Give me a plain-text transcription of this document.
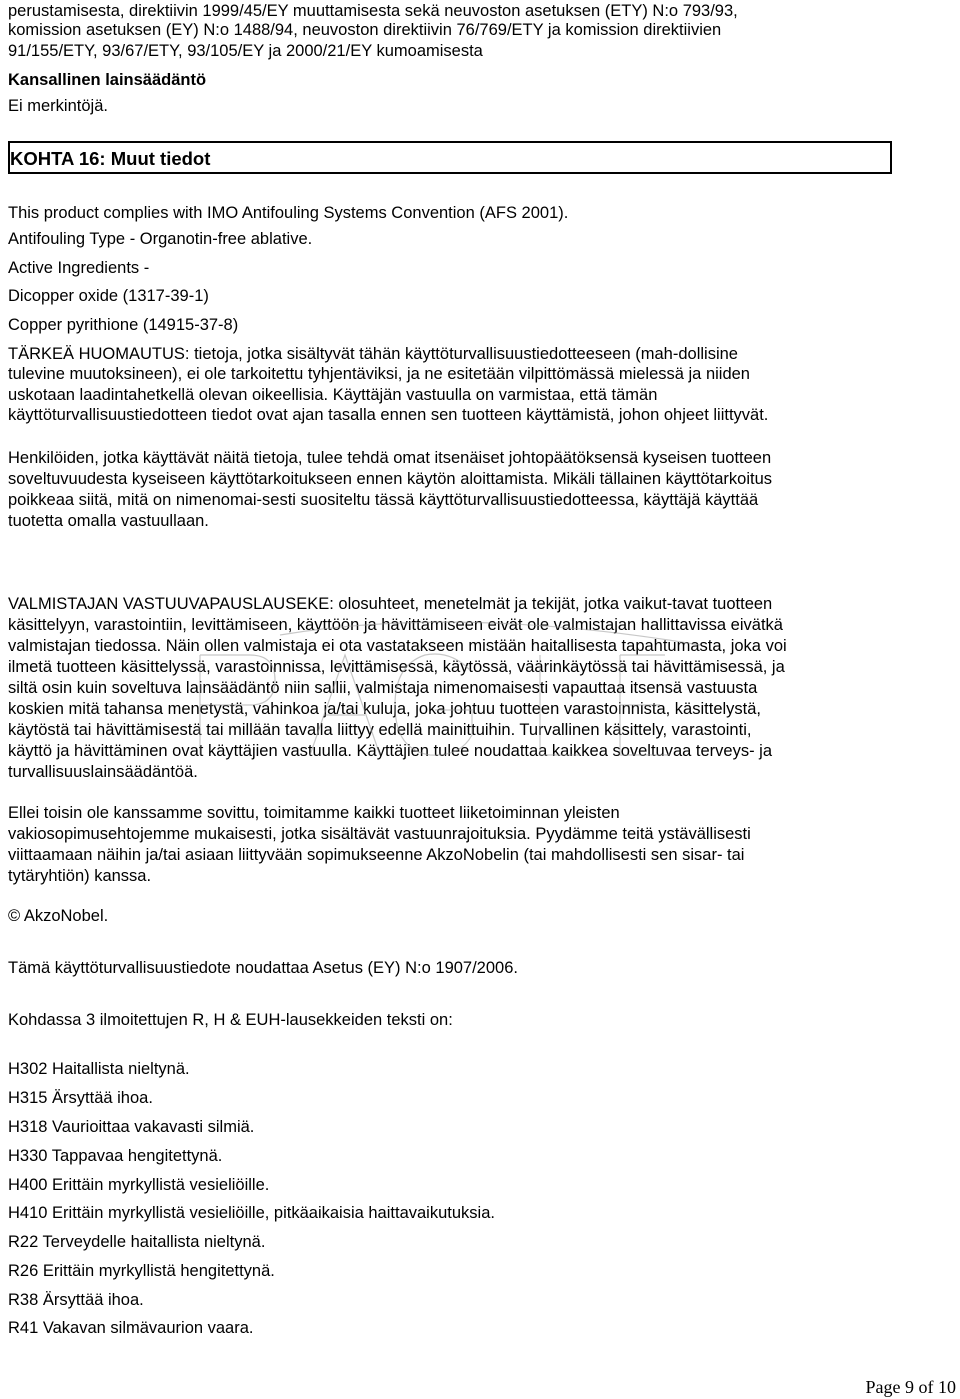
perustamisesta, direktiivin 1999/45/EY muuttamisesta sekä neuvoston asetuksen (ETY) N:o 793/93,
komission asetuksen (EY) N:o 1488/94, neuvoston direktiivin 76/769/ETY ja komission direktiivien
91/155/ETY, 93/67/ETY, 93/105/EY ja 2000/21/EY kumoamisesta
Kansallinen lainsäädäntö
Ei merkintöjä.
KOHTA 16: Muut tiedot
This product complies with IMO Antifouling Systems Convention (AFS 2001).
Antifouling Type - Organotin-free ablative.
Active Ingredients -
Dicopper oxide (1317-39-1)
Copper pyrithione (14915-37-8)
TÄRKEÄ HUOMAUTUS: tietoja, jotka sisältyvät tähän käyttöturvallisuustiedotteeseen (mah-dollisine
tulevine muutoksineen), ei ole tarkoitettu tyhjentäviksi, ja ne esitetään vilpittömässä mielessä ja niiden
uskotaan laadintahetkellä olevan oikeellisia. Käyttäjän vastuulla on varmistaa, että tämän
käyttöturvallisuustiedotteen tiedot ovat ajan tasalla ennen sen tuotteen käyttämistä, johon ohjeet liittyvät.
Henkilöiden, jotka käyttävät näitä tietoja, tulee tehdä omat itsenäiset johtopäätöksensä kyseisen tuotteen
soveltuvuudesta kyseiseen käyttötarkoitukseen ennen käytön aloittamista. Mikäli tällainen käyttötarkoitus
poikkeaa siitä, mitä on nimenomai-sesti suositeltu tässä käyttöturvallisuustiedotteessa, käyttäjä käyttää
tuotetta omalla vastuullaan.
VALMISTAJAN VASTUUVAPAUSLAUSEKE: olosuhteet, menetelmät ja tekijät, jotka vaikut-tavat tuotteen
käsittelyyn, varastointiin, levittämiseen, käyttöön ja hävittämiseen eivät ole valmistajan hallittavissa eivätkä
valmistajan tiedossa. Näin ollen valmistaja ei ota vastatakseen mistään haitallisesta tapahtumasta, joka voi
ilmetä tuotteen käsittelyssä, varastoinnissa, levittämisessä, käytössä, väärinkäytössä tai hävittämisessä, ja
siltä osin kuin soveltuva lainsäädäntö niin sallii, valmistaja nimenomaisesti vapauttaa itsensä vastuusta
koskien mitä tahansa menetystä, vahinkoa ja/tai kuluja, joka johtuu tuotteen varastoinnista, käsittelystä,
käytöstä tai hävittämisestä tai millään tavalla liittyy edellä mainittuihin. Turvallinen käsittely, varastointi,
käyttö ja hävittäminen ovat käyttäjien vastuulla. Käyttäjien tulee noudattaa kaikkea soveltuvaa terveys- ja
turvallisuuslainsäädäntöä.
Ellei toisin ole kanssamme sovittu, toimitamme kaikki tuotteet liiketoiminnan yleisten
vakiosopimusehtojemme mukaisesti, jotka sisältävät vastuunrajoituksia. Pyydämme teitä ystävällisesti
viittaamaan näihin ja/tai asiaan liittyvään sopimukseenne AkzoNobelin (tai mahdollisesti sen sisar- tai
tytäryhtiön) kanssa.
© AkzoNobel.
Tämä käyttöturvallisuustiedote noudattaa Asetus (EY) N:o 1907/2006.
Kohdassa 3 ilmoitettujen R, H & EUH-lausekkeiden teksti on:
H302 Haitallista nieltynä.
H315 Ärsyttää ihoa.
H318 Vaurioittaa vakavasti silmiä.
H330 Tappavaa hengitettynä.
H400 Erittäin myrkyllistä vesieliöille.
H410 Erittäin myrkyllistä vesieliöille, pitkäaikaisia haittavaikutuksia.
R22 Terveydelle haitallista nieltynä.
R26 Erittäin myrkyllistä hengitettynä.
R38 Ärsyttää ihoa.
R41 Vakavan silmävaurion vaara.
Page 9 of 10
